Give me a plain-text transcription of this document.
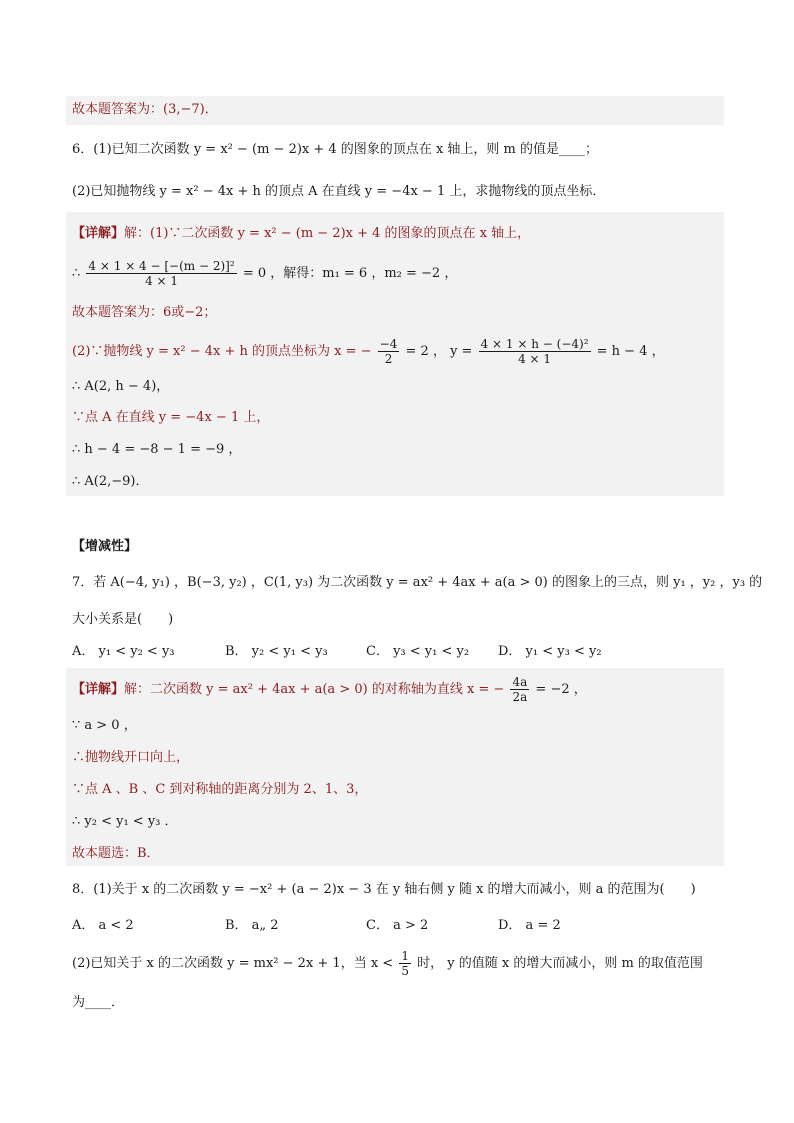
故本题答案为：(3,−7)．
6．(1)已知二次函数 y = x² − (m − 2)x + 4 的图象的顶点在 x 轴上，则 m 的值是____；
(2)已知抛物线 y = x² − 4x + h 的顶点 A 在直线 y = −4x − 1 上，求抛物线的顶点坐标．
【详解】解：(1)∵二次函数 y = x² − (m − 2)x + 4 的图象的顶点在 x 轴上，
∴ $\frac{\text{4 × 1 × 4 − [−(m − 2)]²}}{4 \times 1} = 0$ ，解得：m₁ = 6 ，m₂ = −2 ，
故本题答案为：6或−2；
(2)∵抛物线 y = x² − 4x + h 的顶点坐标为 x = − $\frac{-4}{2} = 2$ ， $y = \frac{\text{4 × 1 × h − (−4)²}}{4 \times 1} = h - 4$ ，
∴ A(2, h − 4)，
∵点 A 在直线 y = −4x − 1 上，
∴ h − 4 = −8 − 1 = −9 ，
∴ A(2,−9)．
【增减性】
7．若 A(−4, y₁) ，B(−3, y₂) ，C(1, y₃) 为二次函数 y = ax² + 4ax + a(a > 0) 的图象上的三点，则 y₁ ，y₂ ，y₃ 的
大小关系是(　　)
A． y₁ < y₂ < y₃	B． y₂ < y₁ < y₃	C． y₃ < y₁ < y₂ D． y₁ < y₃ < y₂
【详解】解：二次函数 y = ax² + 4ax + a(a > 0) 的对称轴为直线 x = − $\frac{4a}{2a} = -2$ ，
∵ a > 0 ，
∴抛物线开口向上，
∵点 A 、B 、C 到对称轴的距离分别为 2、1、3，
∴ y₂ < y₁ < y₃ ．
故本题选：B．
8．(1)关于 x 的二次函数 y = −x² + (a − 2)x − 3 在 y 轴右侧 y 随 x 的增大而减小，则 a 的范围为(　　)
A． a < 2	B． a„ 2	C． a > 2	D． a = 2
(2)已知关于 x 的二次函数 y = mx² − 2x + 1，当 $x < \frac{1}{5}$ 时， y 的值随 x 的增大而减小，则 m 的取值范围
为____．
